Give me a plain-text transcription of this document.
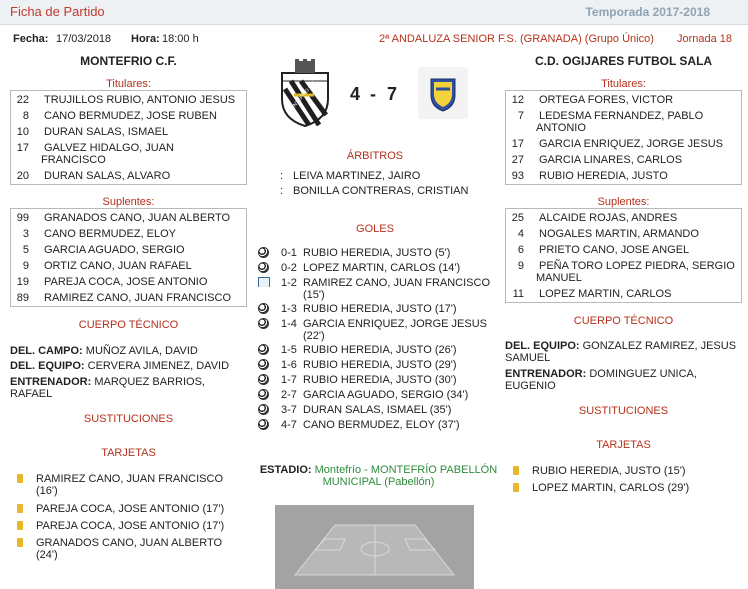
Ficha de Partido	Temporada 2017-2018
Fecha: 17/03/2018 Hora: 18:00 h	2ª ANDALUZA SENIOR F.S. (GRANADA) (Grupo Único) Jornada 18
MONTEFRIO C.F.	C.D. OGIJARES FUTBOL SALA
MONTEFRIO C.F. 4 - 7
Titulares:
22 TRUJILLOS RUBIO, ANTONIO JESUS
8 CANO BERMUDEZ, JOSE RUBEN
10 DURAN SALAS, ISMAEL
17 GALVEZ HIDALGO, JUAN
FRANCISCO
20 DURAN SALAS, ALVARO
Suplentes:
99 GRANADOS CANO, JUAN ALBERTO
3 CANO BERMUDEZ, ELOY
5 GARCIA AGUADO, SERGIO
9 ORTIZ CANO, JUAN RAFAEL
19 PAREJA COCA, JOSE ANTONIO
89 RAMIREZ CANO, JUAN FRANCISCO
CUERPO TÉCNICO
DEL. CAMPO: MUÑOZ AVILA, DAVID
DEL. EQUIPO: CERVERA JIMENEZ, DAVID
ENTRENADOR: MARQUEZ BARRIOS,
RAFAEL
SUSTITUCIONES
TARJETAS
RAMIREZ CANO, JUAN FRANCISCO
(16')
PAREJA COCA, JOSE ANTONIO (17')
PAREJA COCA, JOSE ANTONIO (17')
GRANADOS CANO, JUAN ALBERTO
(24')
Titulares:
12 ORTEGA FORES, VICTOR
7 LEDESMA FERNANDEZ, PABLO
ANTONIO
17 GARCIA ENRIQUEZ, JORGE JESUS
27 GARCIA LINARES, CARLOS
93 RUBIO HEREDIA, JUSTO
Suplentes:
25 ALCAIDE ROJAS, ANDRES
4 NOGALES MARTIN, ARMANDO
6 PRIETO CANO, JOSE ANGEL
9 PEÑA TORO LOPEZ PIEDRA, SERGIO
MANUEL
11 LOPEZ MARTIN, CARLOS
CUERPO TÉCNICO
DEL. EQUIPO: GONZALEZ RAMIREZ, JESUS
SAMUEL
ENTRENADOR: DOMINGUEZ UNICA,
EUGENIO
SUSTITUCIONES
TARJETAS
RUBIO HEREDIA, JUSTO (15')
LOPEZ MARTIN, CARLOS (29')
ÁRBITROS
: LEIVA MARTINEZ, JAIRO
: BONILLA CONTRERAS, CRISTIAN
GOLES
0-1 RUBIO HEREDIA, JUSTO (5')
0-2 LOPEZ MARTIN, CARLOS (14')
1-2 RAMIREZ CANO, JUAN FRANCISCO
(15')
1-3 RUBIO HEREDIA, JUSTO (17')
1-4 GARCIA ENRIQUEZ, JORGE JESUS
(22')
1-5 RUBIO HEREDIA, JUSTO (26')
1-6 RUBIO HEREDIA, JUSTO (29')
1-7 RUBIO HEREDIA, JUSTO (30')
2-7 GARCIA AGUADO, SERGIO (34')
3-7 DURAN SALAS, ISMAEL (35')
4-7 CANO BERMUDEZ, ELOY (37')
ESTADIO: Montefrío - MONTEFRÍO PABELLÓN
MUNICIPAL (Pabellón)
